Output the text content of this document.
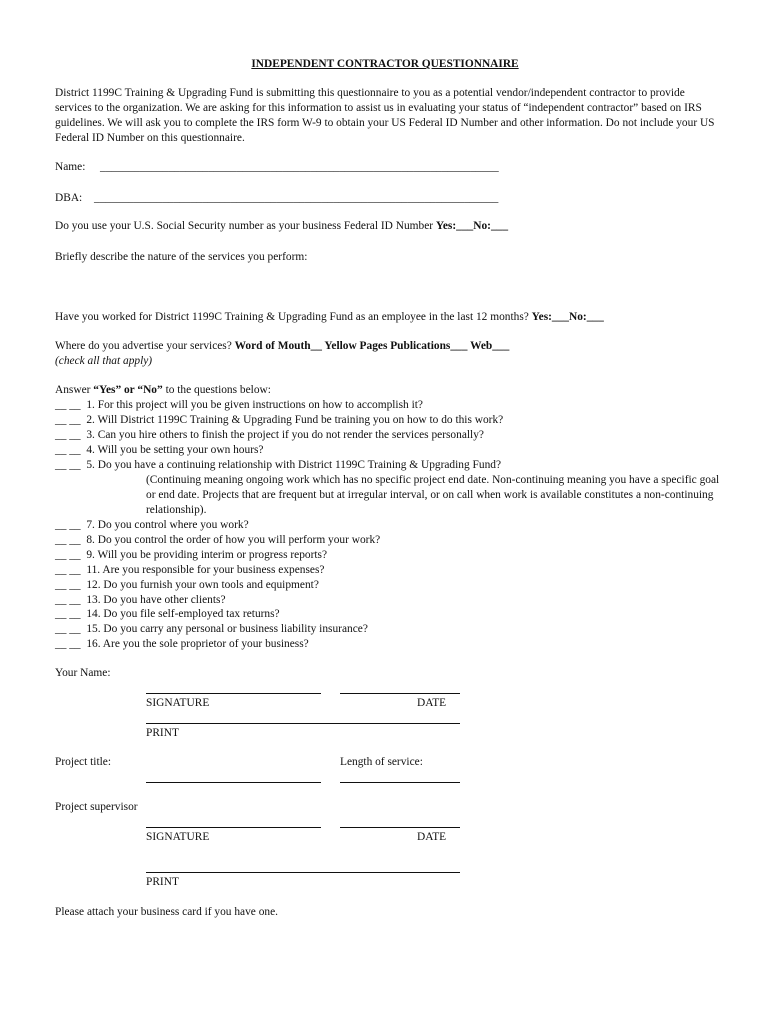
INDEPENDENT CONTRACTOR QUESTIONNAIRE
District 1199C Training & Upgrading Fund is submitting this questionnaire to you as a potential vendor/independent contractor to provide services to the organization. We are asking for this information to assist us in evaluating your status of “independent contractor” based on IRS guidelines. We will ask you to complete the IRS form W-9 to obtain your US Federal ID Number and other information. Do not include your US Federal ID Number on this questionnaire.
Name: ______________________________________________________________________
DBA: _______________________________________________________________________
Do you use your U.S. Social Security number as your business Federal ID Number Yes:___No:___
Briefly describe the nature of the services you perform:
Have you worked for District 1199C Training & Upgrading Fund as an employee in the last 12 months? Yes:___No:___
Where do you advertise your services? Word of Mouth__ Yellow Pages Publications___ Web___
(check all that apply)
Answer “Yes” or “No” to the questions below:
__ __ 1. For this project will you be given instructions on how to accomplish it?
__ __ 2. Will District 1199C Training & Upgrading Fund be training you on how to do this work?
__ __ 3. Can you hire others to finish the project if you do not render the services personally?
__ __ 4. Will you be setting your own hours?
__ __ 5. Do you have a continuing relationship with District 1199C Training & Upgrading Fund?
(Continuing meaning ongoing work which has no specific project end date. Non-continuing meaning you have a specific goal or end date. Projects that are frequent but at irregular interval, or on call when work is available constitutes a non-continuing relationship).
__ __ 7. Do you control where you work?
__ __ 8. Do you control the order of how you will perform your work?
__ __ 9. Will you be providing interim or progress reports?
__ __ 11. Are you responsible for your business expenses?
__ __ 12. Do you furnish your own tools and equipment?
__ __ 13. Do you have other clients?
__ __ 14. Do you file self-employed tax returns?
__ __ 15. Do you carry any personal or business liability insurance?
__ __ 16. Are you the sole proprietor of your business?
Your Name:
SIGNATURE	DATE
PRINT
Project title:	Length of service:
Project supervisor
SIGNATURE	DATE
PRINT
Please attach your business card if you have one.
